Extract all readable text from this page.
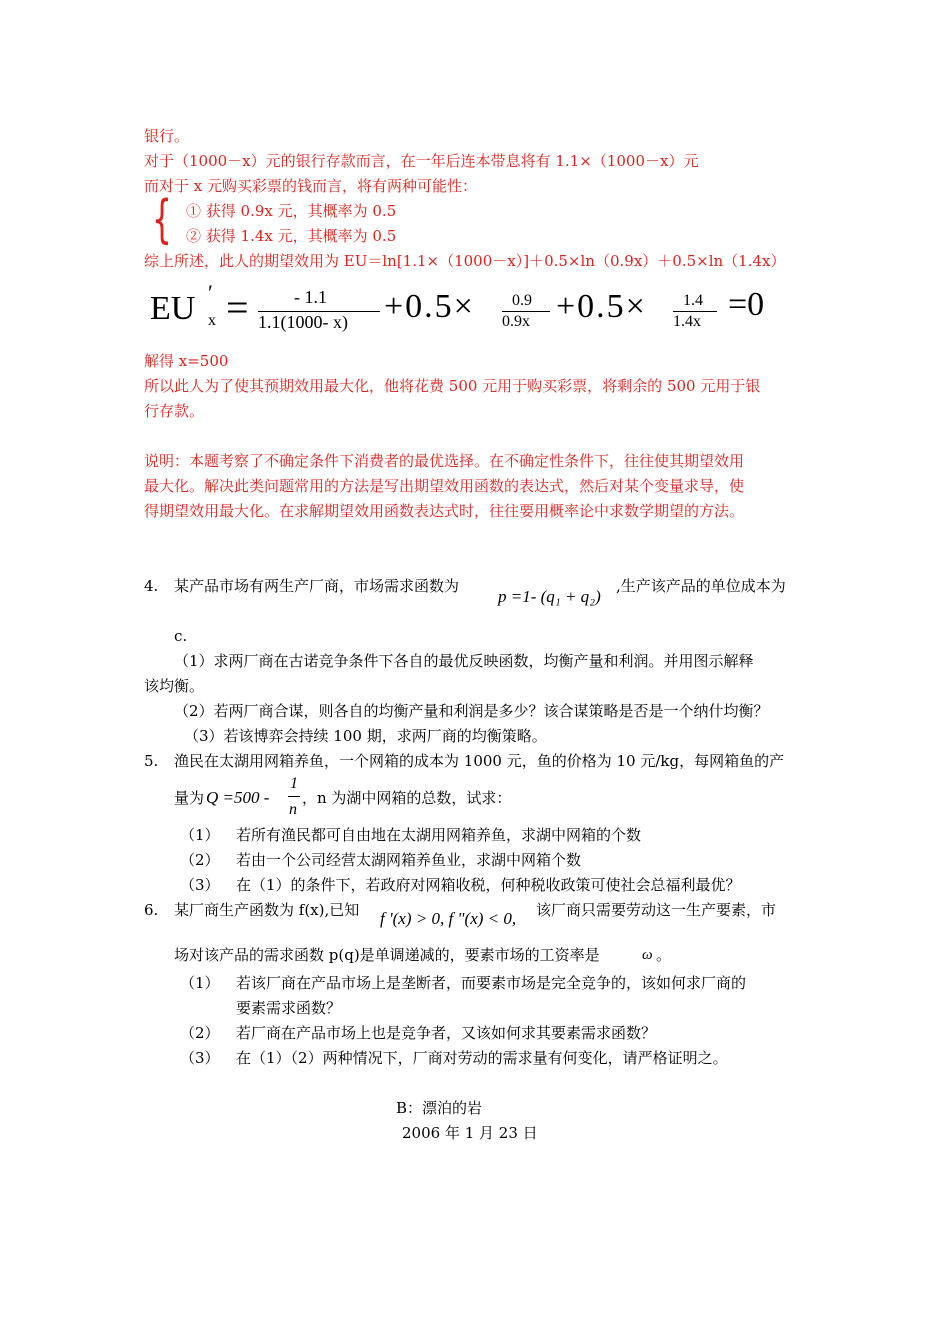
银行。
对于（1000－x）元的银行存款而言，在一年后连本带息将有 1.1×（1000－x）元
而对于 x 元购买彩票的钱而言，将有两种可能性：
{ ① 获得 0.9x 元，其概率为 0.5
② 获得 1.4x 元，其概率为 0.5
综上所述，此人的期望效用为 EU＝ln[1.1×（1000－x）]＋0.5×ln（0.9x）＋0.5×ln（1.4x）
EU ′
x =	- 1.1
1.1(1000- x) +0.5× 0.9
0.9x +0.5× 1.4
1.4x =0
解得 x=500
所以此人为了使其预期效用最大化，他将花费 500 元用于购买彩票，将剩余的 500 元用于银
行存款。
说明：本题考察了不确定条件下消费者的最优选择。在不确定性条件下，往往使其期望效用
最大化。解决此类问题常用的方法是写出期望效用函数的表达式，然后对某个变量求导，使
得期望效用最大化。在求解期望效用函数表达式时，往往要用概率论中求数学期望的方法。
4. 某产品市场有两生产厂商，市场需求函数为
p =1- (q₁ + q₂)
,生产该产品的单位成本为
c.
（1）求两厂商在古诺竞争条件下各自的最优反映函数，均衡产量和利润。并用图示解释
该均衡。
（2）若两厂商合谋，则各自的均衡产量和利润是多少？该合谋策略是否是一个纳什均衡？
（3）若该博弈会持续 100 期，求两厂商的均衡策略。
5. 渔民在太湖用网箱养鱼，一个网箱的成本为 1000 元，鱼的价格为 10 元/kg，每网箱鱼的产
量为 Q =500 -
1
n
，n 为湖中网箱的总数，试求：
（1） 若所有渔民都可自由地在太湖用网箱养鱼，求湖中网箱的个数
（2） 若由一个公司经营太湖网箱养鱼业，求湖中网箱个数
（3） 在（1）的条件下，若政府对网箱收税，何种税收政策可使社会总福利最优？
6. 某厂商生产函数为 f(x),已知 f '(x) > 0, f "(x) < 0, 该厂商只需要劳动这一生产要素，市
场对该产品的需求函数 p(q)是单调递减的，要素市场的工资率是	ω 。
（1） 若该厂商在产品市场上是垄断者，而要素市场是完全竞争的，该如何求厂商的
要素需求函数？
（2） 若厂商在产品市场上也是竞争者，又该如何求其要素需求函数？
（3） 在（1）（2）两种情况下，厂商对劳动的需求量有何变化，请严格证明之。
B：漂泊的岩
2006 年 1 月 23 日
